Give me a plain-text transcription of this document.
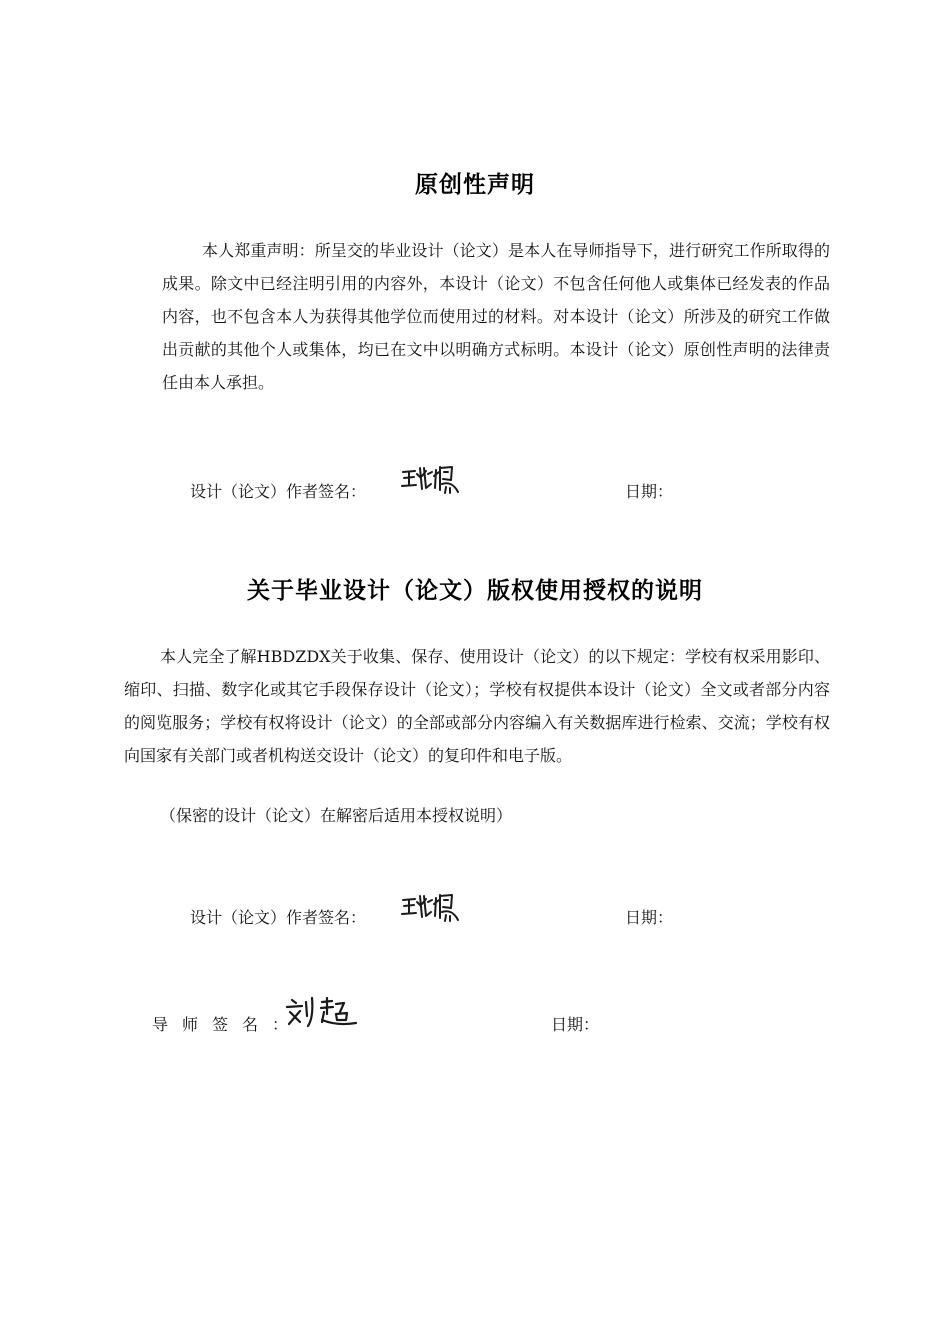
原创性声明
本人郑重声明：所呈交的毕业设计（论文）是本人在导师指导下，进行研究工作所取得的成果。除文中已经注明引用的内容外，本设计（论文）不包含任何他人或集体已经发表的作品内容，也不包含本人为获得其他学位而使用过的材料。对本设计（论文）所涉及的研究工作做出贡献的其他个人或集体，均已在文中以明确方式标明。本设计（论文）原创性声明的法律责任由本人承担。
设计（论文）作者签名：	日期：
关于毕业设计（论文）版权使用授权的说明
本人完全了解HBDZDX关于收集、保存、使用设计（论文）的以下规定：学校有权采用影印、缩印、扫描、数字化或其它手段保存设计（论文）；学校有权提供本设计（论文）全文或者部分内容的阅览服务；学校有权将设计（论文）的全部或部分内容编入有关数据库进行检索、交流；学校有权向国家有关部门或者机构送交设计（论文）的复印件和电子版。
（保密的设计（论文）在解密后适用本授权说明）
设计（论文）作者签名：	日期：
导师签名：	日期：
